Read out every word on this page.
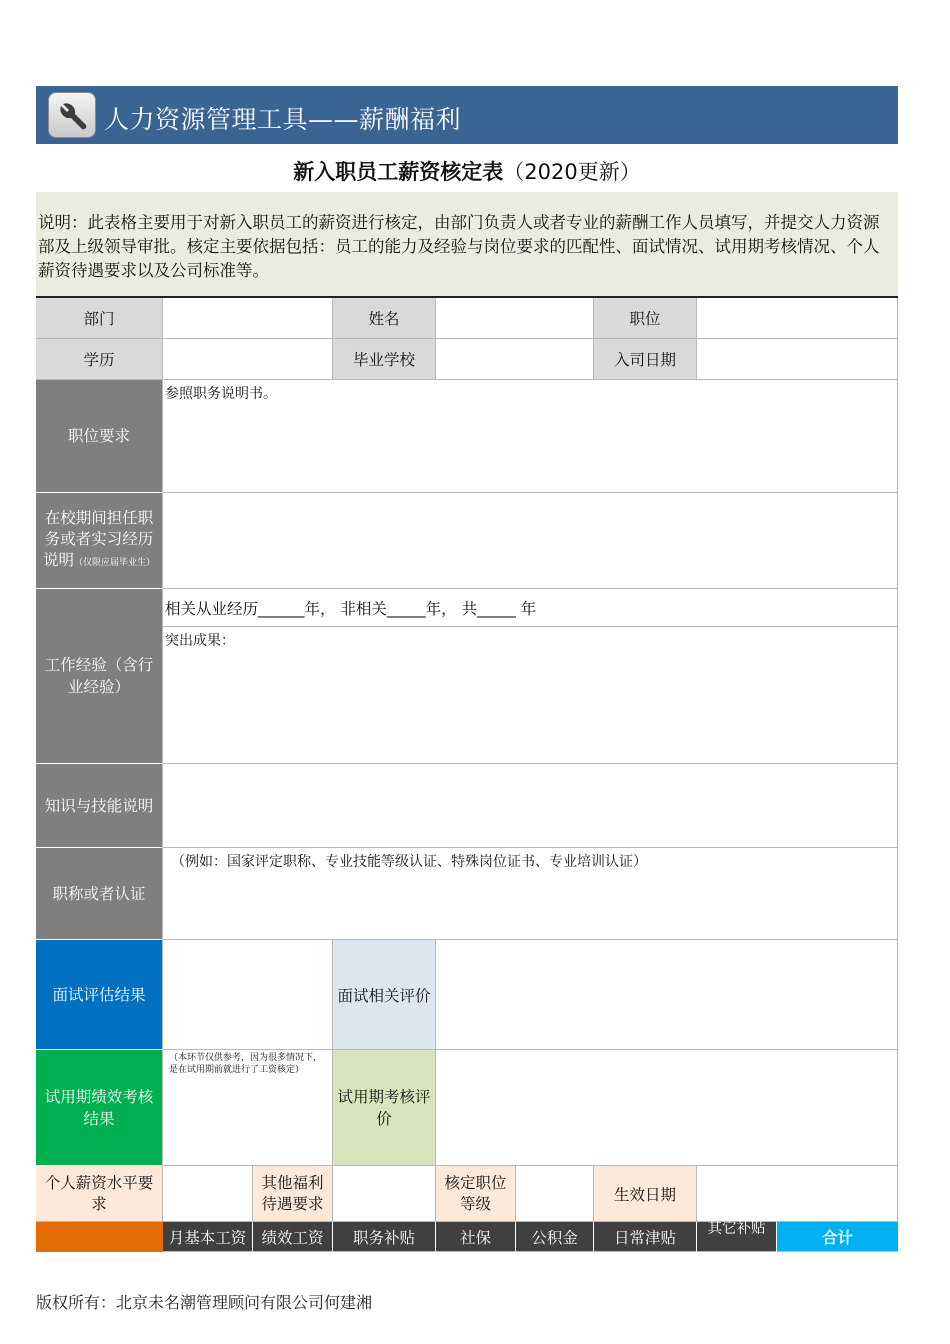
人力资源管理工具——薪酬福利
新入职员工薪资核定表（2020更新）
说明：此表格主要用于对新入职员工的薪资进行核定，由部门负责人或者专业的薪酬工作人员填写，并提交人力资源部及上级领导审批。核定主要依据包括：员工的能力及经验与岗位要求的匹配性、面试情况、试用期考核情况、个人薪资待遇要求以及公司标准等。
部门	姓名	职位
学历	毕业学校	入司日期
职位要求
参照职务说明书。
在校期间担任职务或者实习经历说明（仅限应届毕业生）
工作经验（含行业经验）
相关从业经历______年， 非相关_____年， 共_____ 年
突出成果：
知识与技能说明
职称或者认证
（例如：国家评定职称、专业技能等级认证、特殊岗位证书、专业培训认证）
面试评估结果	面试相关评价
试用期绩效考核结果
（本环节仅供参考，因为很多情况下，是在试用期前就进行了工资核定）
试用期考核评价
个人薪资水平要求
其他福利待遇要求
核定职位等级	生效日期
月基本工资 绩效工资	职务补贴	社保	公积金	日常津贴	其它补贴	合计
版权所有：北京未名潮管理顾问有限公司何建湘
